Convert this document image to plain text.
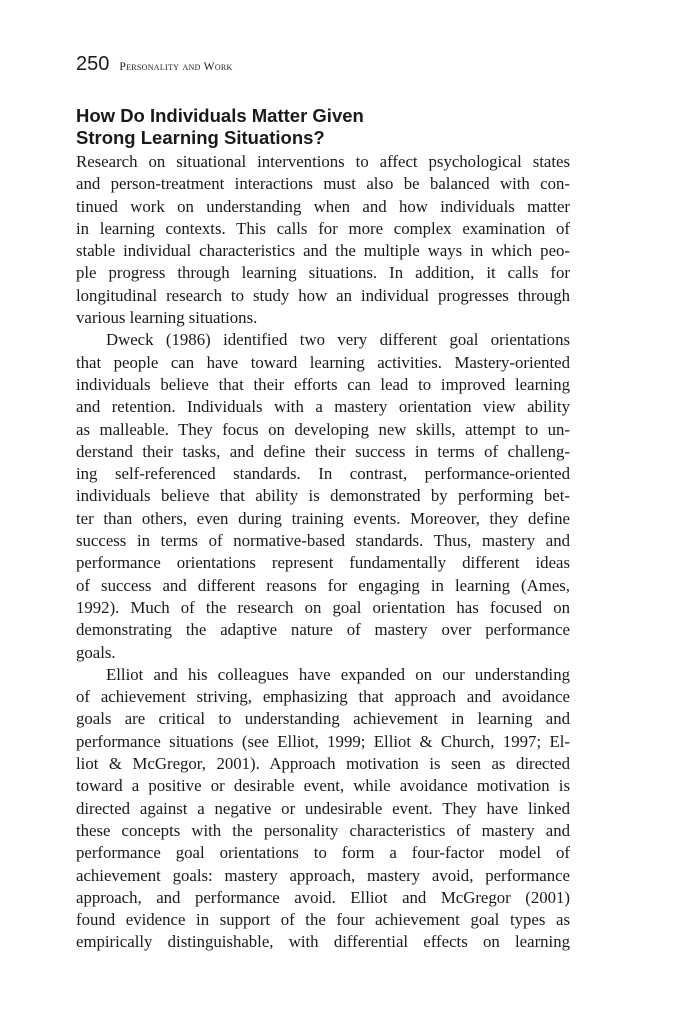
250 Personality and Work
How Do Individuals Matter Given
Strong Learning Situations?
Research on situational interventions to affect psychological states
and person-treatment interactions must also be balanced with con-
tinued work on understanding when and how individuals matter
in learning contexts. This calls for more complex examination of
stable individual characteristics and the multiple ways in which peo-
ple progress through learning situations. In addition, it calls for
longitudinal research to study how an individual progresses through
various learning situations.
Dweck (1986) identified two very different goal orientations
that people can have toward learning activities. Mastery-oriented
individuals believe that their efforts can lead to improved learning
and retention. Individuals with a mastery orientation view ability
as malleable. They focus on developing new skills, attempt to un-
derstand their tasks, and define their success in terms of challeng-
ing self-referenced standards. In contrast, performance-oriented
individuals believe that ability is demonstrated by performing bet-
ter than others, even during training events. Moreover, they define
success in terms of normative-based standards. Thus, mastery and
performance orientations represent fundamentally different ideas
of success and different reasons for engaging in learning (Ames,
1992). Much of the research on goal orientation has focused on
demonstrating the adaptive nature of mastery over performance
goals.
Elliot and his colleagues have expanded on our understanding
of achievement striving, emphasizing that approach and avoidance
goals are critical to understanding achievement in learning and
performance situations (see Elliot, 1999; Elliot & Church, 1997; El-
liot & McGregor, 2001). Approach motivation is seen as directed
toward a positive or desirable event, while avoidance motivation is
directed against a negative or undesirable event. They have linked
these concepts with the personality characteristics of mastery and
performance goal orientations to form a four-factor model of
achievement goals: mastery approach, mastery avoid, performance
approach, and performance avoid. Elliot and McGregor (2001)
found evidence in support of the four achievement goal types as
empirically distinguishable, with differential effects on learning
